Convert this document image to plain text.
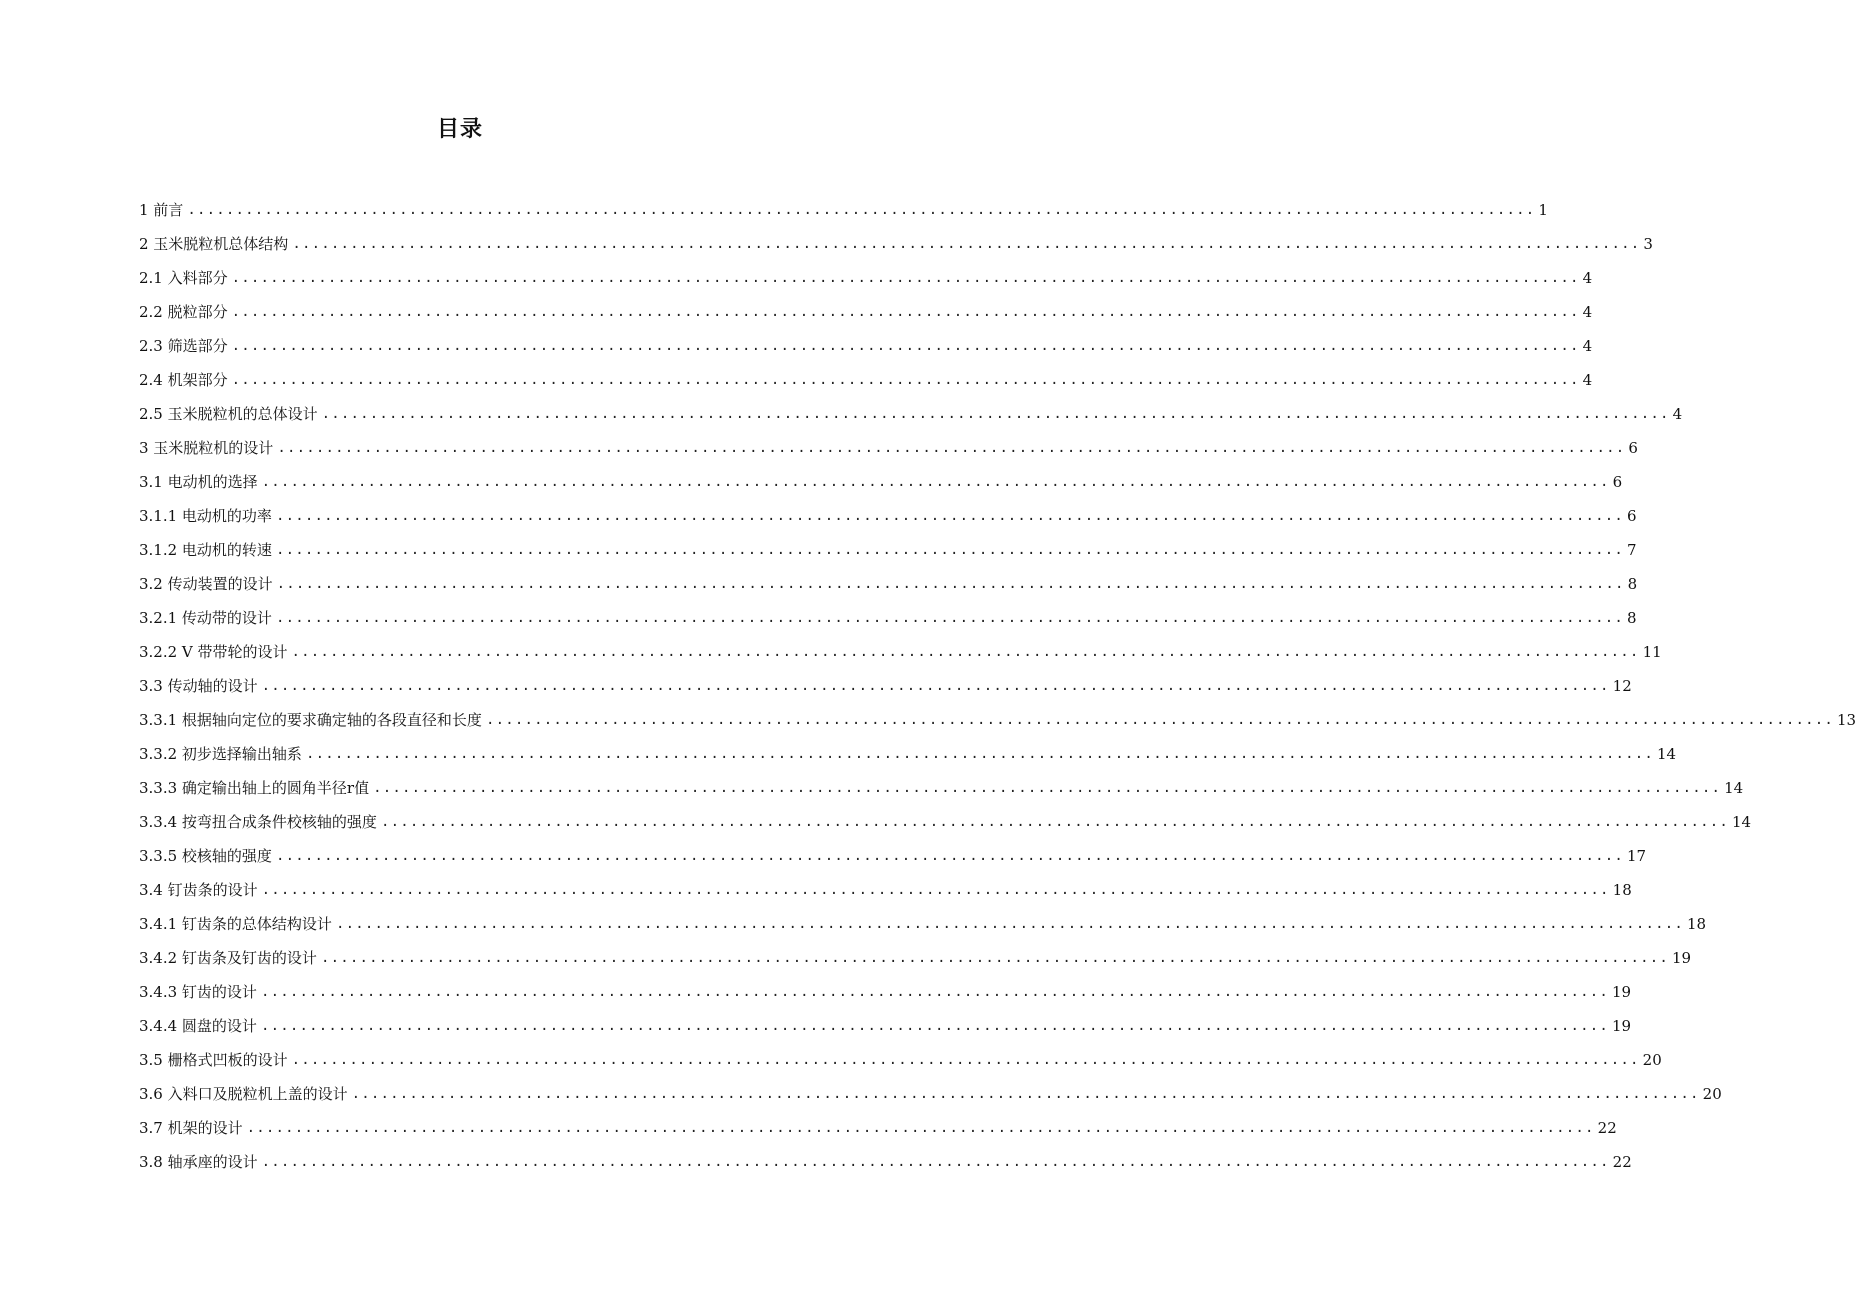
目录
1 前言 ............................................................................................................................................ 1
2 玉米脱粒机总体结构 ............................................................................................................................................ 3
2.1 入料部分 ............................................................................................................................................ 4
2.2 脱粒部分 ............................................................................................................................................ 4
2.3 筛选部分 ............................................................................................................................................ 4
2.4 机架部分 ............................................................................................................................................ 4
2.5 玉米脱粒机的总体设计 ............................................................................................................................................ 4
3 玉米脱粒机的设计 ............................................................................................................................................ 6
3.1 电动机的选择 ............................................................................................................................................ 6
3.1.1 电动机的功率 ............................................................................................................................................ 6
3.1.2 电动机的转速 ............................................................................................................................................ 7
3.2 传动装置的设计 ............................................................................................................................................ 8
3.2.1 传动带的设计 ............................................................................................................................................ 8
3.2.2 V 带带轮的设计 ............................................................................................................................................ 11
3.3 传动轴的设计 ............................................................................................................................................ 12
3.3.1 根据轴向定位的要求确定轴的各段直径和长度 ............................................................................................................................................ 13
3.3.2 初步选择输出轴系 ............................................................................................................................................ 14
3.3.3 确定输出轴上的圆角半径r值 ............................................................................................................................................ 14
3.3.4 按弯扭合成条件校核轴的强度 ............................................................................................................................................ 14
3.3.5 校核轴的强度 ............................................................................................................................................ 17
3.4 钉齿条的设计 ............................................................................................................................................ 18
3.4.1 钉齿条的总体结构设计 ............................................................................................................................................ 18
3.4.2 钉齿条及钉齿的设计 ............................................................................................................................................ 19
3.4.3 钉齿的设计 ............................................................................................................................................ 19
3.4.4 圆盘的设计 ............................................................................................................................................ 19
3.5 栅格式凹板的设计 ............................................................................................................................................ 20
3.6 入料口及脱粒机上盖的设计 ............................................................................................................................................ 20
3.7 机架的设计 ............................................................................................................................................ 22
3.8 轴承座的设计 ............................................................................................................................................ 22
